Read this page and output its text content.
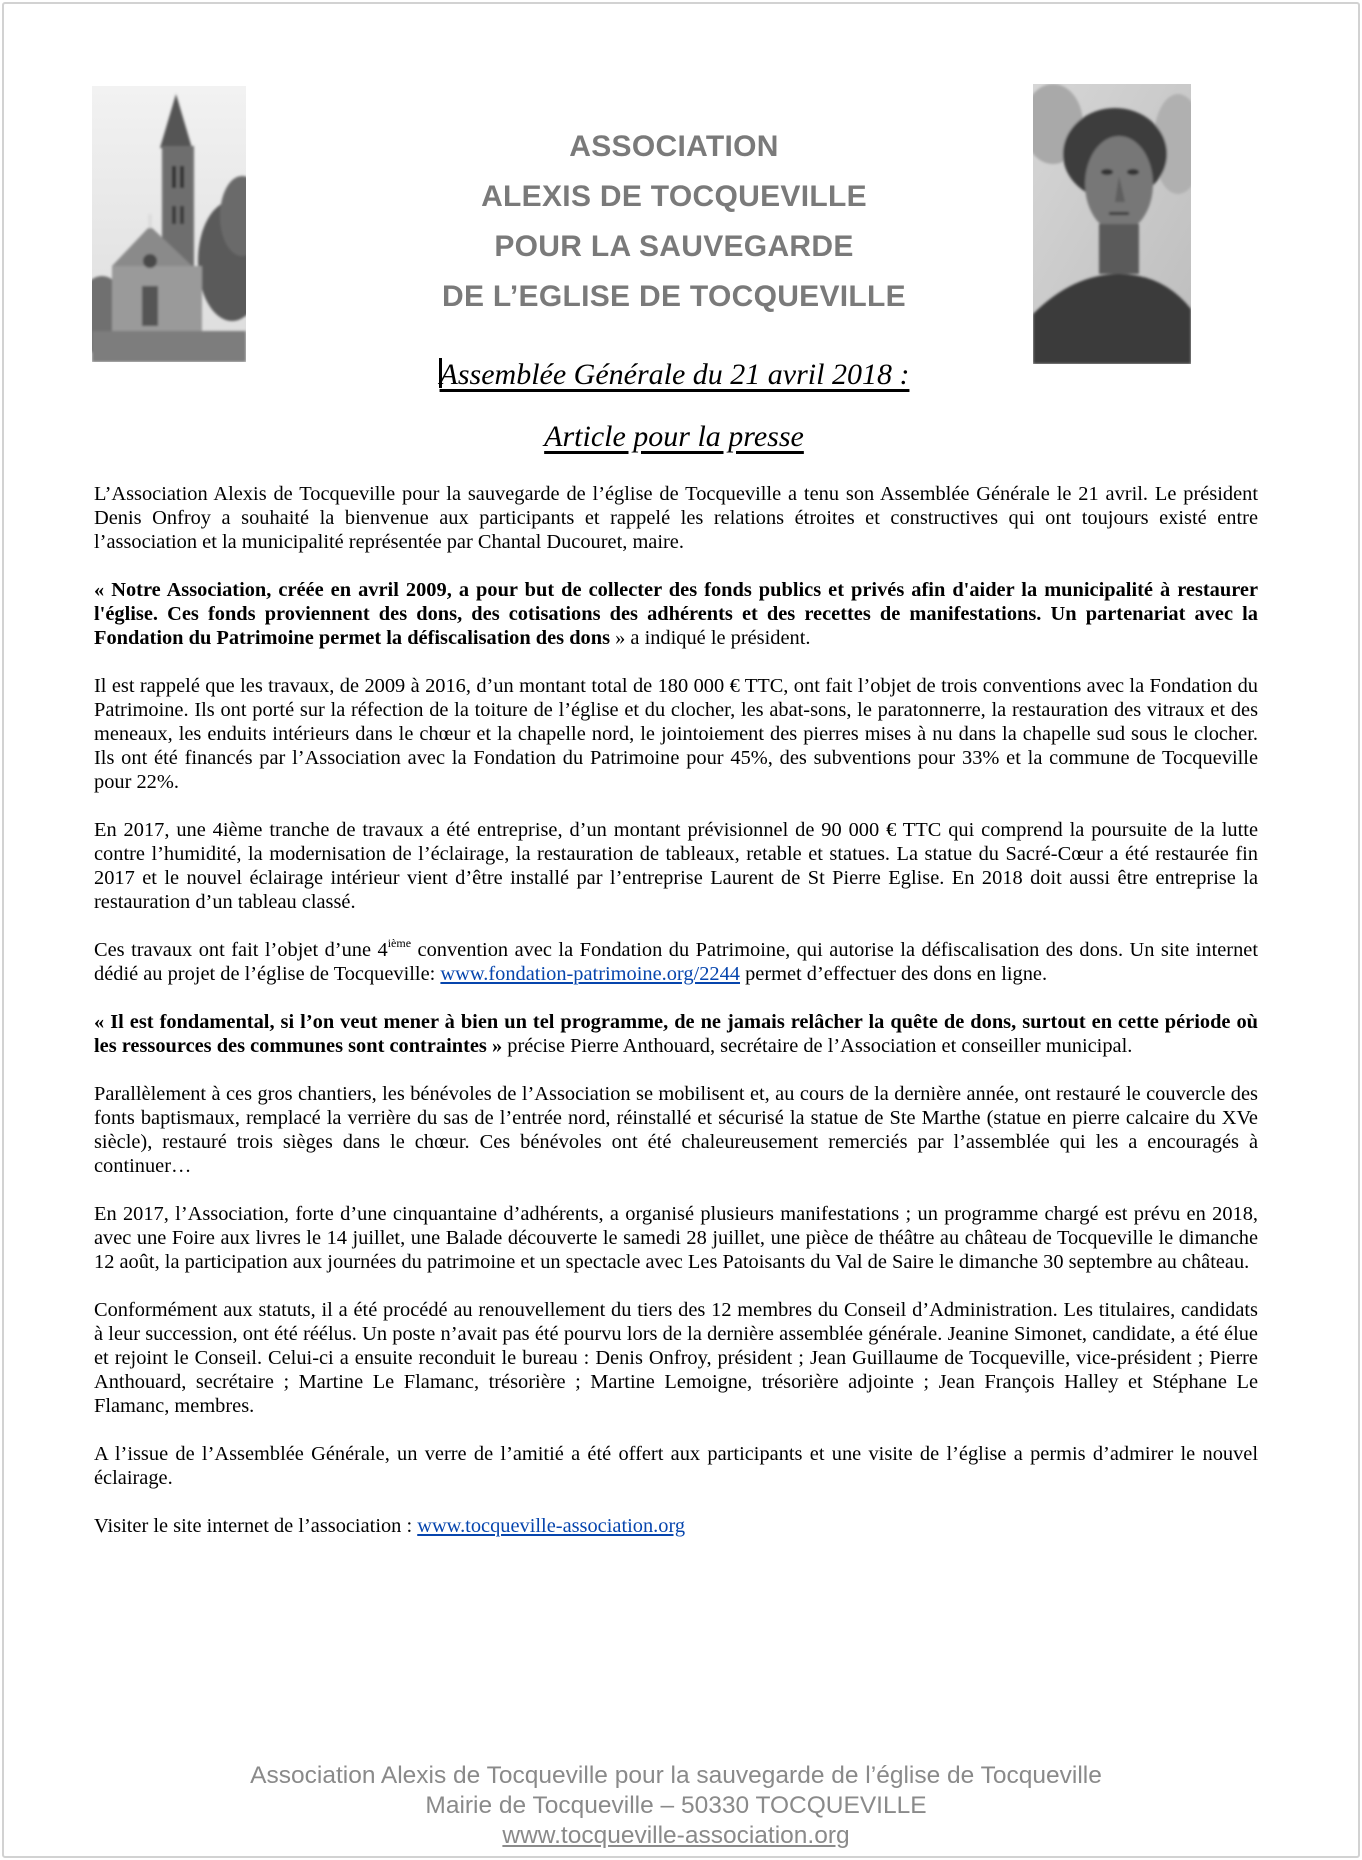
ASSOCIATION
ALEXIS DE TOCQUEVILLE
POUR LA SAUVEGARDE
DE L’EGLISE DE TOCQUEVILLE
Assemblée Générale du 21 avril 2018 :
Article pour la presse

L’Association Alexis de Tocqueville pour la sauvegarde de l’église de Tocqueville a tenu son Assemblée Générale le 21 avril. Le président Denis Onfroy a souhaité la bienvenue aux participants et rappelé les relations étroites et constructives qui ont toujours existé entre l’association et la municipalité représentée par Chantal Ducouret, maire.

« Notre Association, créée en avril 2009, a pour but de collecter des fonds publics et privés afin d'aider la municipalité à restaurer l'église. Ces fonds proviennent des dons, des cotisations des adhérents et des recettes de manifestations. Un partenariat avec la Fondation du Patrimoine permet la défiscalisation des dons » a indiqué le président.

Il est rappelé que les travaux, de 2009 à 2016, d’un montant total de 180 000 € TTC, ont fait l’objet de trois conventions avec la Fondation du Patrimoine. Ils ont porté sur la réfection de la toiture de l’église et du clocher, les abat-sons, le paratonnerre, la restauration des vitraux et des meneaux, les enduits intérieurs dans le chœur et la chapelle nord, le jointoiement des pierres mises à nu dans la chapelle sud sous le clocher. Ils ont été financés par l’Association avec la Fondation du Patrimoine pour 45%, des subventions pour 33% et la commune de Tocqueville pour 22%.

En 2017, une 4ième tranche de travaux a été entreprise, d’un montant prévisionnel de 90 000 € TTC qui comprend la poursuite de la lutte contre l’humidité, la modernisation de l’éclairage, la restauration de tableaux, retable et statues. La statue du Sacré-Cœur a été restaurée fin 2017 et le nouvel éclairage intérieur vient d’être installé par l’entreprise Laurent de St Pierre Eglise. En 2018 doit aussi être entreprise la restauration d’un tableau classé.

Ces travaux ont fait l’objet d’une 4ième convention avec la Fondation du Patrimoine, qui autorise la défiscalisation des dons. Un site internet dédié au projet de l’église de Tocqueville: www.fondation-patrimoine.org/2244 permet d’effectuer des dons en ligne.

« Il est fondamental, si l’on veut mener à bien un tel programme, de ne jamais relâcher la quête de dons, surtout en cette période où les ressources des communes sont contraintes » précise Pierre Anthouard, secrétaire de l’Association et conseiller municipal.

Parallèlement à ces gros chantiers, les bénévoles de l’Association se mobilisent et, au cours de la dernière année, ont restauré le couvercle des fonts baptismaux, remplacé la verrière du sas de l’entrée nord, réinstallé et sécurisé la statue de Ste Marthe (statue en pierre calcaire du XVe siècle), restauré trois sièges dans le chœur. Ces bénévoles ont été chaleureusement remerciés par l’assemblée qui les a encouragés à continuer…

En 2017, l’Association, forte d’une cinquantaine d’adhérents, a organisé plusieurs manifestations ; un programme chargé est prévu en 2018, avec une Foire aux livres le 14 juillet, une Balade découverte le samedi 28 juillet, une pièce de théâtre au château de Tocqueville le dimanche 12 août, la participation aux journées du patrimoine et un spectacle avec Les Patoisants du Val de Saire le dimanche 30 septembre au château.

Conformément aux statuts, il a été procédé au renouvellement du tiers des 12 membres du Conseil d’Administration. Les titulaires, candidats à leur succession, ont été réélus. Un poste n’avait pas été pourvu lors de la dernière assemblée générale. Jeanine Simonet, candidate, a été élue et rejoint le Conseil. Celui-ci a ensuite reconduit le bureau : Denis Onfroy, président ; Jean Guillaume de Tocqueville, vice-président ; Pierre Anthouard, secrétaire ; Martine Le Flamanc, trésorière ; Martine Lemoigne, trésorière adjointe ; Jean François Halley et Stéphane Le Flamanc, membres.

A l’issue de l’Assemblée Générale, un verre de l’amitié a été offert aux participants et une visite de l’église a permis d’admirer le nouvel éclairage.

Visiter le site internet de l’association : www.tocqueville-association.org

Association Alexis de Tocqueville pour la sauvegarde de l’église de Tocqueville
Mairie de Tocqueville – 50330 TOCQUEVILLE
www.tocqueville-association.org
